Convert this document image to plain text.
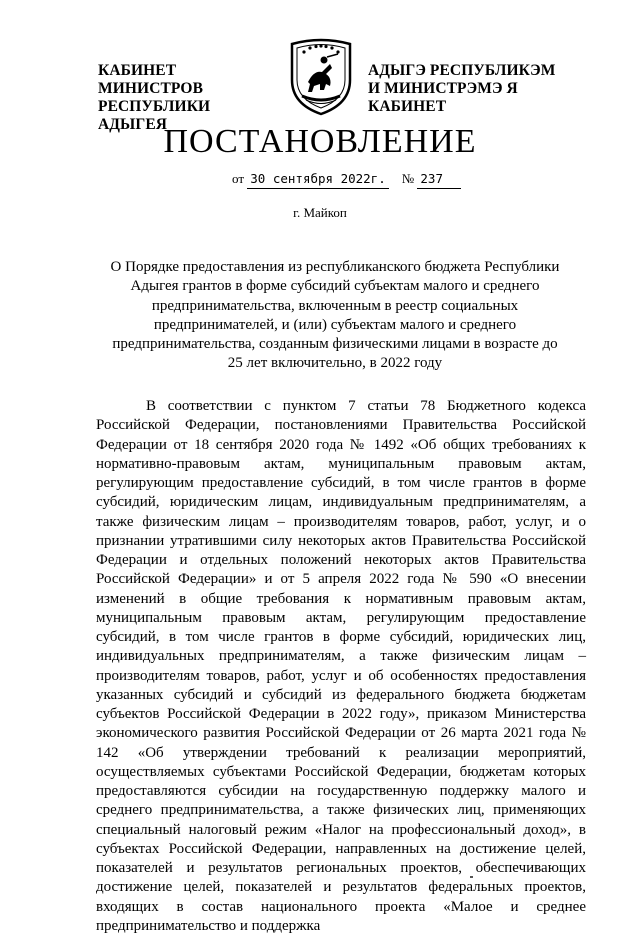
КАБИНЕТ МИНИСТРОВ
РЕСПУБЛИКИ АДЫГЕЯ
АДЫГЭ РЕСПУБЛИКЭМ
И МИНИСТРЭМЭ Я КАБИНЕТ
ПОСТАНОВЛЕНИЕ
от 30 сентября 2022г. № 237
г. Майкоп
О Порядке предоставления из республиканского бюджета Республики Адыгея грантов в форме субсидий субъектам малого и среднего предпринимательства, включенным в реестр социальных предпринимателей, и (или) субъектам малого и среднего предпринимательства, созданным физическими лицами в возрасте до 25 лет включительно, в 2022 году
В соответствии с пунктом 7 статьи 78 Бюджетного кодекса Российской Федерации, постановлениями Правительства Российской Федерации от 18 сентября 2020 года № 1492 «Об общих требованиях к нормативно-правовым актам, муниципальным правовым актам, регулирующим предоставление субсидий, в том числе грантов в форме субсидий, юридическим лицам, индивидуальным предпринимателям, а также физическим лицам – производителям товаров, работ, услуг, и о признании утратившими силу некоторых актов Правительства Российской Федерации и отдельных положений некоторых актов Правительства Российской Федерации» и от 5 апреля 2022 года № 590 «О внесении изменений в общие требования к нормативным правовым актам, муниципальным правовым актам, регулирующим предоставление субсидий, в том числе грантов в форме субсидий, юридических лиц, индивидуальных предпринимателям, а также физическим лицам – производителям товаров, работ, услуг и об особенностях предоставления указанных субсидий и субсидий из федерального бюджета бюджетам субъектов Российской Федерации в 2022 году», приказом Министерства экономического развития Российской Федерации от 26 марта 2021 года № 142 «Об утверждении требований к реализации мероприятий, осуществляемых субъектами Российской Федерации, бюджетам которых предоставляются субсидии на государственную поддержку малого и среднего предпринимательства, а также физических лиц, применяющих специальный налоговый режим «Налог на профессиональный доход», в субъектах Российской Федерации, направленных на достижение целей, показателей и результатов региональных проектов, обеспечивающих достижение целей, показателей и результатов федеральных проектов, входящих в состав национального проекта «Малое и среднее предпринимательство и поддержка
